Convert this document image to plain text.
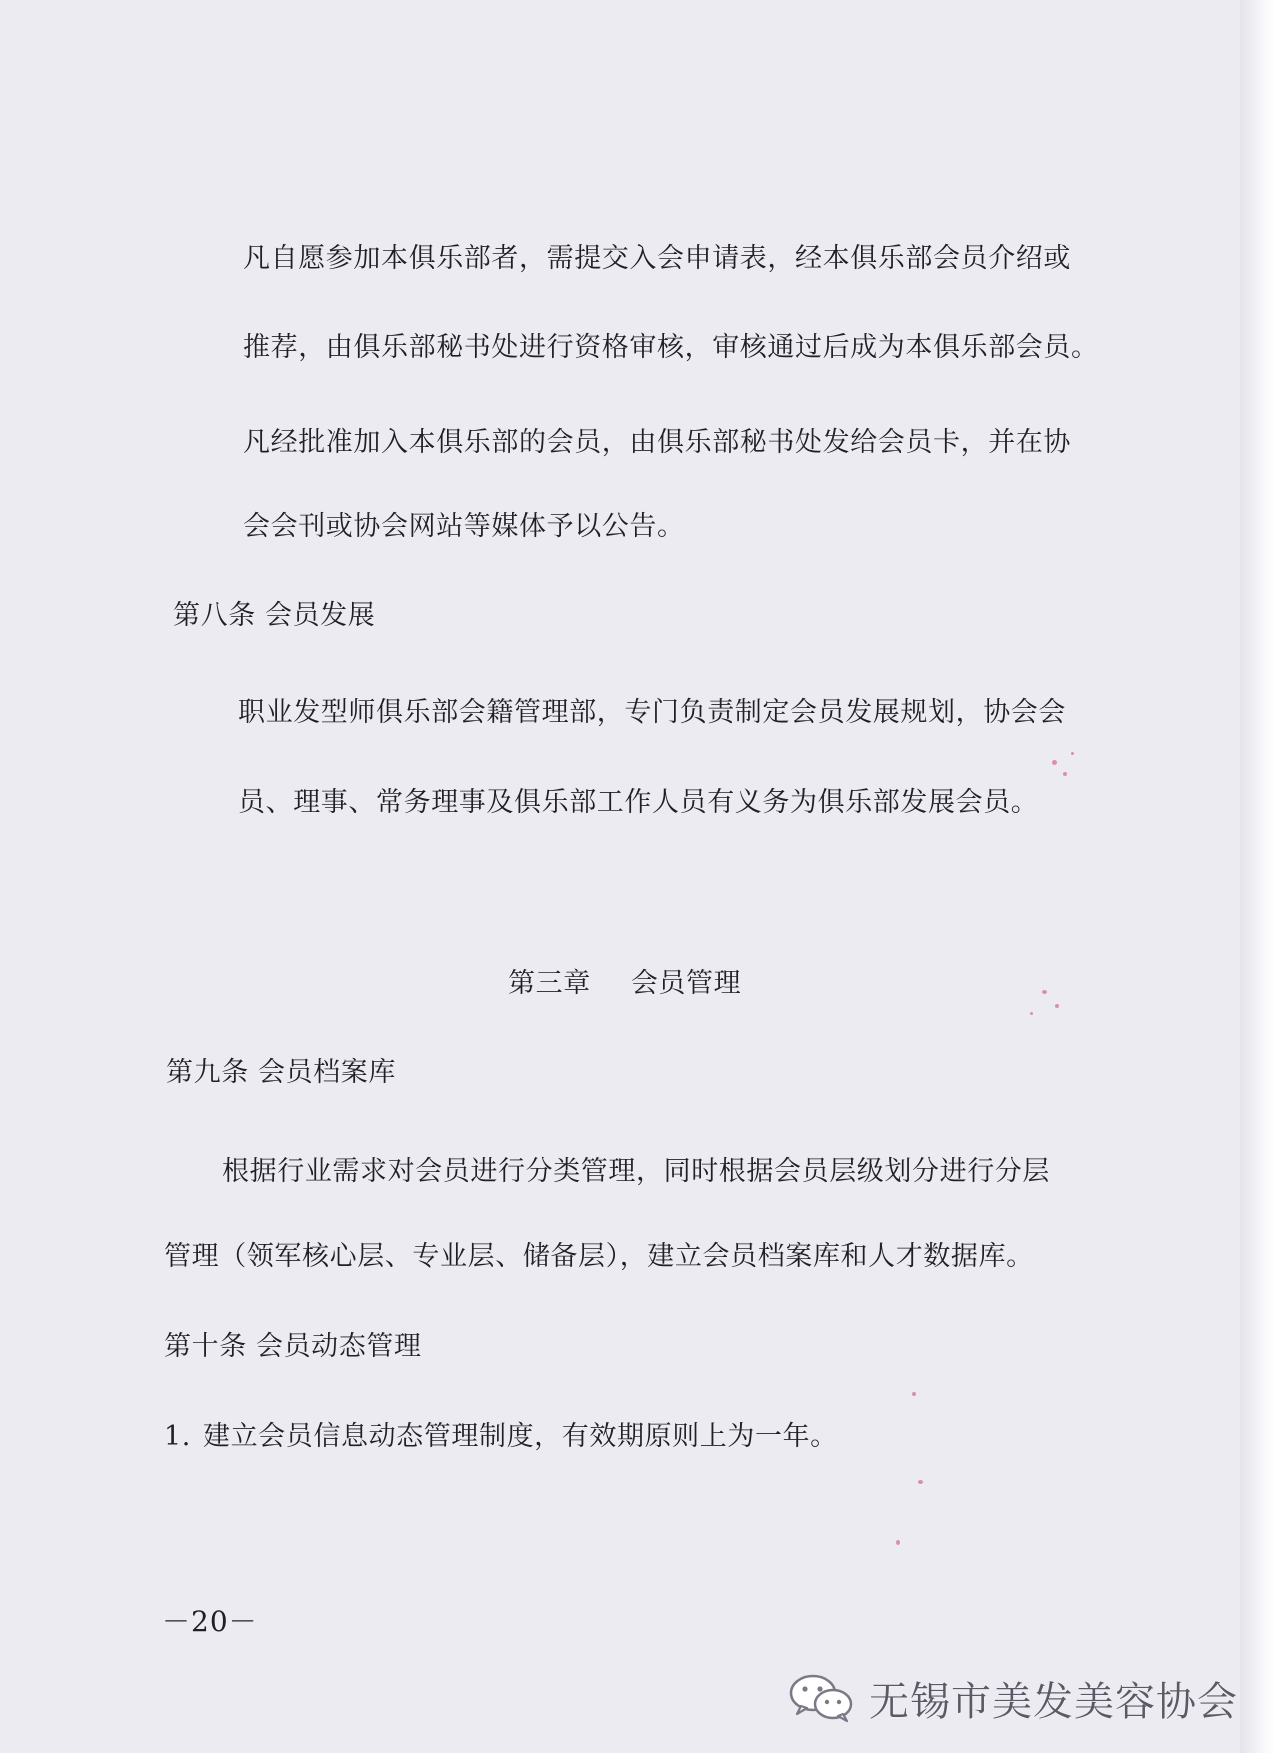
凡自愿参加本俱乐部者，需提交入会申请表，经本俱乐部会员介绍或
推荐，由俱乐部秘书处进行资格审核，审核通过后成为本俱乐部会员。
凡经批准加入本俱乐部的会员，由俱乐部秘书处发给会员卡，并在协
会会刊或协会网站等媒体予以公告。
第八条 会员发展
职业发型师俱乐部会籍管理部，专门负责制定会员发展规划，协会会
员、理事、常务理事及俱乐部工作人员有义务为俱乐部发展会员。
第三章 会员管理
第九条 会员档案库
根据行业需求对会员进行分类管理，同时根据会员层级划分进行分层
管理（领军核心层、专业层、储备层），建立会员档案库和人才数据库。
第十条 会员动态管理
1. 建立会员信息动态管理制度，有效期原则上为一年。
－20－
无锡市美发美容协会
